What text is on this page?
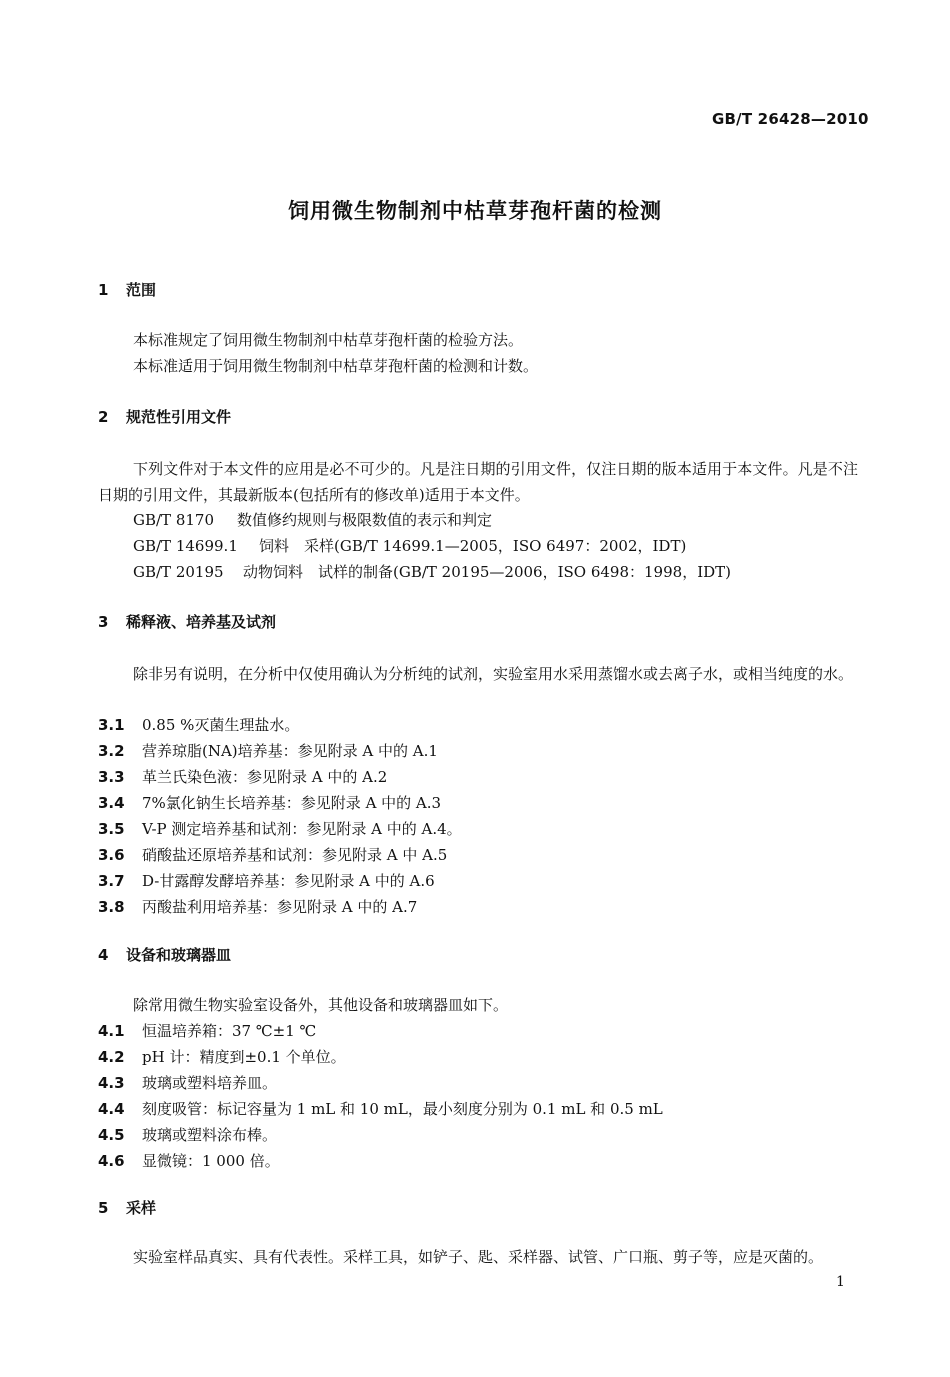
GB/T 26428—2010
饲用微生物制剂中枯草芽孢杆菌的检测
1 范围
本标准规定了饲用微生物制剂中枯草芽孢杆菌的检验方法。
本标准适用于饲用微生物制剂中枯草芽孢杆菌的检测和计数。
2 规范性引用文件
下列文件对于本文件的应用是必不可少的。凡是注日期的引用文件，仅注日期的版本适用于本文件。凡是不注日期的引用文件，其最新版本(包括所有的修改单)适用于本文件。
GB/T 8170 数值修约规则与极限数值的表示和判定
GB/T 14699.1 饲料　采样(GB/T 14699.1—2005，ISO 6497：2002，IDT)
GB/T 20195 动物饲料　试样的制备(GB/T 20195—2006，ISO 6498：1998，IDT)
3 稀释液、培养基及试剂
除非另有说明，在分析中仅使用确认为分析纯的试剂，实验室用水采用蒸馏水或去离子水，或相当纯度的水。
3.1 0.85 %灭菌生理盐水。
3.2 营养琼脂(NA)培养基：参见附录 A 中的 A.1
3.3 革兰氏染色液：参见附录 A 中的 A.2
3.4 7%氯化钠生长培养基：参见附录 A 中的 A.3
3.5 V-P 测定培养基和试剂：参见附录 A 中的 A.4。
3.6 硝酸盐还原培养基和试剂：参见附录 A 中 A.5
3.7 D-甘露醇发酵培养基：参见附录 A 中的 A.6
3.8 丙酸盐利用培养基：参见附录 A 中的 A.7
4 设备和玻璃器皿
除常用微生物实验室设备外，其他设备和玻璃器皿如下。
4.1 恒温培养箱：37 ℃±1 ℃
4.2 pH 计：精度到±0.1 个单位。
4.3 玻璃或塑料培养皿。
4.4 刻度吸管：标记容量为 1 mL 和 10 mL，最小刻度分别为 0.1 mL 和 0.5 mL
4.5 玻璃或塑料涂布棒。
4.6 显微镜：1 000 倍。
5 采样
实验室样品真实、具有代表性。采样工具，如铲子、匙、采样器、试管、广口瓶、剪子等，应是灭菌的。
1
